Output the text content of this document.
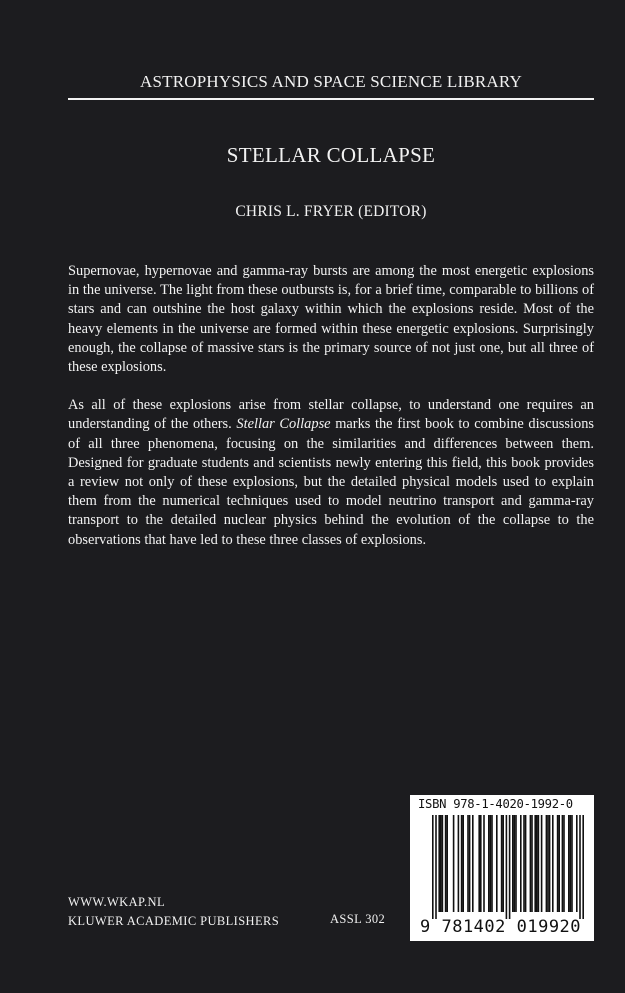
ASTROPHYSICS AND SPACE SCIENCE LIBRARY
STELLAR COLLAPSE
CHRIS L. FRYER (EDITOR)

Supernovae, hypernovae and gamma-ray bursts are among the most energetic explosions in the universe. The light from these outbursts is, for a brief time, comparable to billions of stars and can outshine the host galaxy within which the explosions reside. Most of the heavy elements in the universe are formed within these energetic explosions. Surprisingly enough, the collapse of massive stars is the primary source of not just one, but all three of these explosions.

As all of these explosions arise from stellar collapse, to understand one requires an understanding of the others. Stellar Collapse marks the first book to combine discussions of all three phenomena, focusing on the similarities and differences between them. Designed for graduate students and scientists newly entering this field, this book provides a review not only of these explosions, but the detailed physical models used to explain them from the numerical techniques used to model neutrino transport and gamma-ray transport to the detailed nuclear physics behind the evolution of the collapse to the observations that have led to these three classes of explosions.

WWW.WKAP.NL
KLUWER ACADEMIC PUBLISHERS	ASSL 302
ISBN 978-1-4020-1992-0
9 781402 019920
